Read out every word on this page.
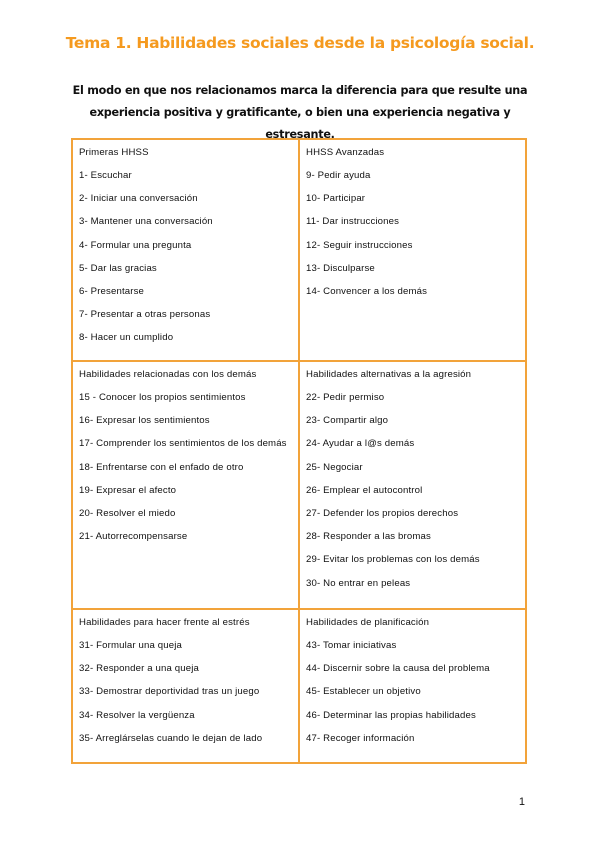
Tema 1. Habilidades sociales desde la psicología social.
El modo en que nos relacionamos marca la diferencia para que resulte una experiencia positiva y gratificante, o bien una experiencia negativa y estresante.
Primeras HHSS
1- Escuchar
2- Iniciar una conversación
3- Mantener una conversación
4- Formular una pregunta
5- Dar las gracias
6- Presentarse
7- Presentar a otras personas
8- Hacer un cumplido
HHSS Avanzadas
9- Pedir ayuda
10- Participar
11- Dar instrucciones
12- Seguir instrucciones
13- Disculparse
14- Convencer a los demás
Habilidades relacionadas con los demás
15 - Conocer los propios sentimientos
16- Expresar los sentimientos
17- Comprender los sentimientos de los demás
18- Enfrentarse con el enfado de otro
19- Expresar el afecto
20- Resolver el miedo
21- Autorrecompensarse
Habilidades alternativas a la agresión
22- Pedir permiso
23- Compartir algo
24- Ayudar a l@s demás
25- Negociar
26- Emplear el autocontrol
27- Defender los propios derechos
28- Responder a las bromas
29- Evitar los problemas con los demás
30- No entrar en peleas
Habilidades para hacer frente al estrés
31- Formular una queja
32- Responder a una queja
33- Demostrar deportividad tras un juego
34- Resolver la vergüenza
35- Arreglárselas cuando le dejan de lado
Habilidades de planificación
43- Tomar iniciativas
44- Discernir sobre la causa del problema
45- Establecer un objetivo
46- Determinar las propias habilidades
47- Recoger información
1
